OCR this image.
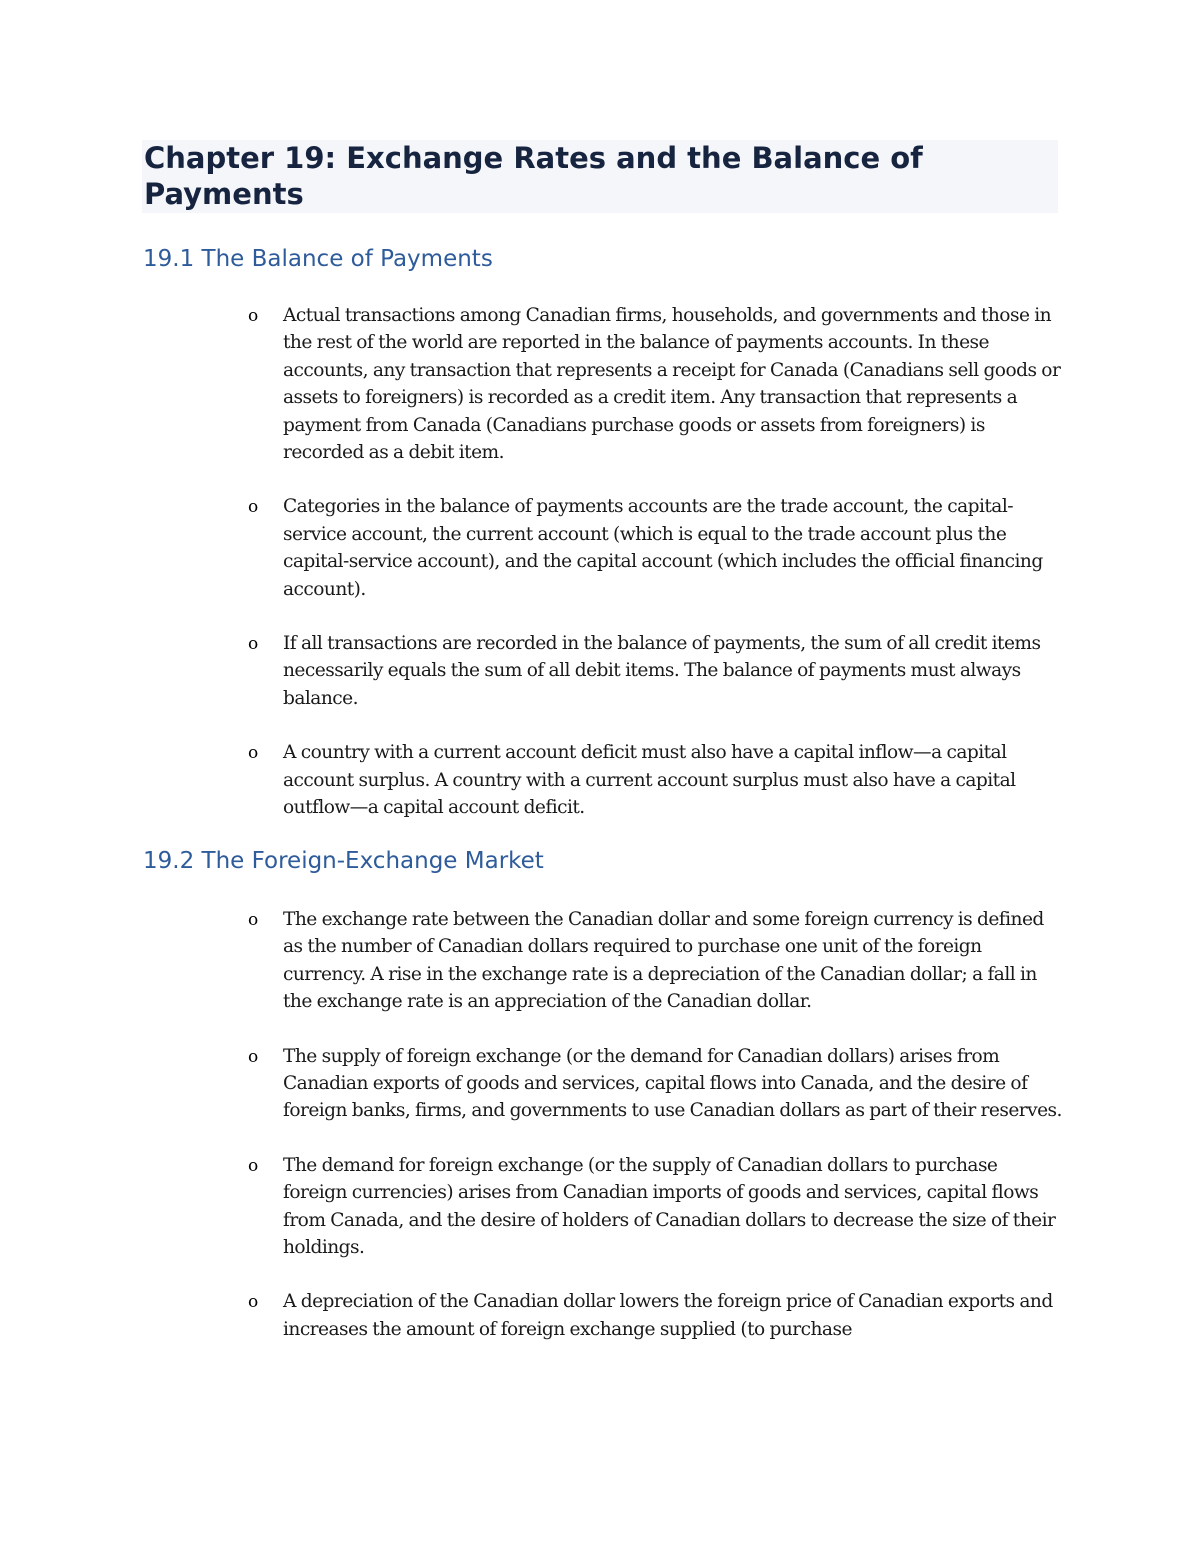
Chapter 19: Exchange Rates and the Balance of Payments
19.1 The Balance of Payments
o Actual transactions among Canadian firms, households, and governments and those in the rest of the world are reported in the balance of payments accounts. In these accounts, any transaction that represents a receipt for Canada (Canadians sell goods or assets to foreigners) is recorded as a credit item. Any transaction that represents a payment from Canada (Canadians purchase goods or assets from foreigners) is recorded as a debit item.
o Categories in the balance of payments accounts are the trade account, the capital-service account, the current account (which is equal to the trade account plus the capital-service account), and the capital account (which includes the official financing account).
o If all transactions are recorded in the balance of payments, the sum of all credit items necessarily equals the sum of all debit items. The balance of payments must always balance.
o A country with a current account deficit must also have a capital inflow—a capital account surplus. A country with a current account surplus must also have a capital outflow—a capital account deficit.
19.2 The Foreign-Exchange Market
o The exchange rate between the Canadian dollar and some foreign currency is defined as the number of Canadian dollars required to purchase one unit of the foreign currency. A rise in the exchange rate is a depreciation of the Canadian dollar; a fall in the exchange rate is an appreciation of the Canadian dollar.
o The supply of foreign exchange (or the demand for Canadian dollars) arises from Canadian exports of goods and services, capital flows into Canada, and the desire of foreign banks, firms, and governments to use Canadian dollars as part of their reserves.
o The demand for foreign exchange (or the supply of Canadian dollars to purchase foreign currencies) arises from Canadian imports of goods and services, capital flows from Canada, and the desire of holders of Canadian dollars to decrease the size of their holdings.
o A depreciation of the Canadian dollar lowers the foreign price of Canadian exports and increases the amount of foreign exchange supplied (to purchase
